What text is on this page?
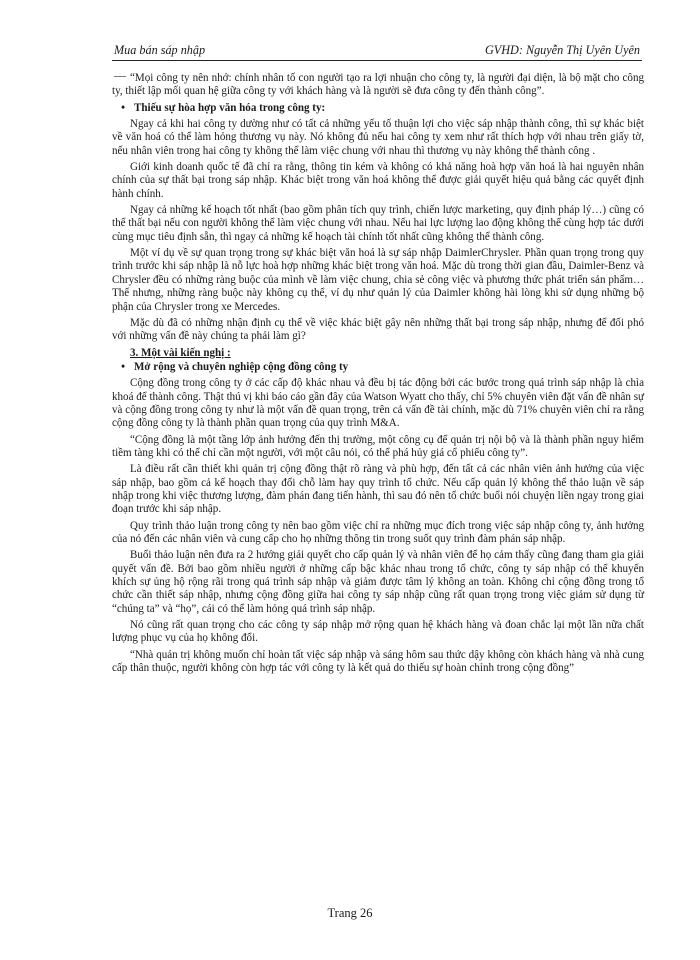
Mua bán sáp nhập	GVHD: Nguyễn Thị Uyên Uyên
__ “Mọi công ty nên nhớ: chính nhân tố con người tạo ra lợi nhuận cho công ty, là người đại diện, là bộ mặt cho công ty, thiết lập mối quan hệ giữa công ty với khách hàng và là người sẽ đưa công ty đến thành công”.

• Thiếu sự hòa hợp văn hóa trong công ty:

Ngay cả khi hai công ty dường như có tất cả những yếu tố thuận lợi cho việc sáp nhập thành công, thì sự khác biệt về văn hoá có thể làm hỏng thương vụ này. Nó không đủ nếu hai công ty xem như rất thích hợp với nhau trên giấy tờ, nếu nhân viên trong hai công ty không thể làm việc chung với nhau thì thương vụ này không thể thành công .

Giới kinh doanh quốc tế đã chỉ ra rằng, thông tin kém và không có khả năng hoà hợp văn hoá là hai nguyên nhân chính của sự thất bại trong sáp nhập. Khác biệt trong văn hoá không thể được giải quyết hiệu quả bằng các quyết định hành chính.

Ngay cả những kế hoạch tốt nhất (bao gồm phân tích quy trình, chiến lược marketing, quy định pháp lý…) cũng có thể thất bại nếu con người không thể làm việc chung với nhau. Nếu hai lực lượng lao động không thể cùng hợp tác dưới cùng mục tiêu định sẵn, thì ngay cả những kế hoạch tài chính tốt nhất cũng không thể thành công.

Một ví dụ về sự quan trọng trong sự khác biệt văn hoá là sự sáp nhập DaimlerChrysler. Phần quan trọng trong quy trình trước khi sáp nhập là nỗ lực hoà hợp những khác biệt trong văn hoá. Mặc dù trong thời gian đầu, Daimler-Benz và Chrysler đều có những ràng buộc của mình về làm việc chung, chia sẻ công việc và phương thức phát triển sản phẩm… Thế nhưng, những ràng buộc này không cụ thể, ví dụ như quản lý của Daimler không hài lòng khi sử dụng những bộ phận của Chrysler trong xe Mercedes.

Mặc dù đã có những nhận định cụ thể về việc khác biệt gây nên những thất bại trong sáp nhập, nhưng để đối phó với những vấn đề này chúng ta phải làm gì?

3. Một vài kiến nghị :

• Mở rộng và chuyên nghiệp cộng đồng công ty

Cộng đồng trong công ty ở các cấp độ khác nhau và đều bị tác động bởi các bước trong quá trình sáp nhập là chìa khoá để thành công. Thật thú vị khi báo cáo gần đây của Watson Wyatt cho thấy, chỉ 5% chuyên viên đặt vấn đề nhân sự và cộng đồng trong công ty như là một vấn đề quan trọng, trên cả vấn đề tài chính, mặc dù 71% chuyên viên chỉ ra rằng cộng đồng công ty là thành phần quan trọng của quy trình M&A.

“Cộng đồng là một tầng lớp ảnh hưởng đến thị trường, một công cụ để quản trị nội bộ và là thành phần nguy hiểm tiềm tàng khi có thể chỉ cần một người, với một câu nói, có thể phá hủy giá cổ phiếu công ty”.

Là điều rất cần thiết khi quản trị cộng đồng thật rõ ràng và phù hợp, đến tất cả các nhân viên ảnh hưởng của việc sáp nhập, bao gồm cả kế hoạch thay đổi chỗ làm hay quy trình tổ chức. Nếu cấp quản lý không thể thảo luận về sáp nhập trong khi việc thương lượng, đàm phán đang tiến hành, thì sau đó nên tổ chức buổi nói chuyện liền ngay trong giai đoạn trước khi sáp nhập.

Quy trình thảo luận trong công ty nên bao gồm việc chỉ ra những mục đích trong việc sáp nhập công ty, ảnh hưởng của nó đến các nhân viên và cung cấp cho họ những thông tin trong suốt quy trình đàm phán sáp nhập.

Buổi thảo luận nên đưa ra 2 hướng giải quyết cho cấp quản lý và nhân viên để họ cảm thấy cũng đang tham gia giải quyết vấn đề. Bởi bao gồm nhiều người ở những cấp bậc khác nhau trong tổ chức, công ty sáp nhập có thể khuyến khích sự ủng hộ rộng rãi trong quá trình sáp nhập và giảm được tâm lý không an toàn. Không chỉ cộng đồng trong tổ chức cần thiết sáp nhập, nhưng cộng đồng giữa hai công ty sáp nhập cũng rất quan trọng trong việc giảm sử dụng từ “chúng ta” và “họ”, cái có thể làm hỏng quá trình sáp nhập.

Nó cũng rất quan trọng cho các công ty sáp nhập mở rộng quan hệ khách hàng và đoan chắc lại một lần nữa chất lượng phục vụ của họ không đổi.

“Nhà quản trị không muốn chỉ hoàn tất việc sáp nhập và sáng hôm sau thức dậy không còn khách hàng và nhà cung cấp thân thuộc, người không còn hợp tác với công ty là kết quả do thiếu sự hoàn chỉnh trong cộng đồng”

Trang 26
